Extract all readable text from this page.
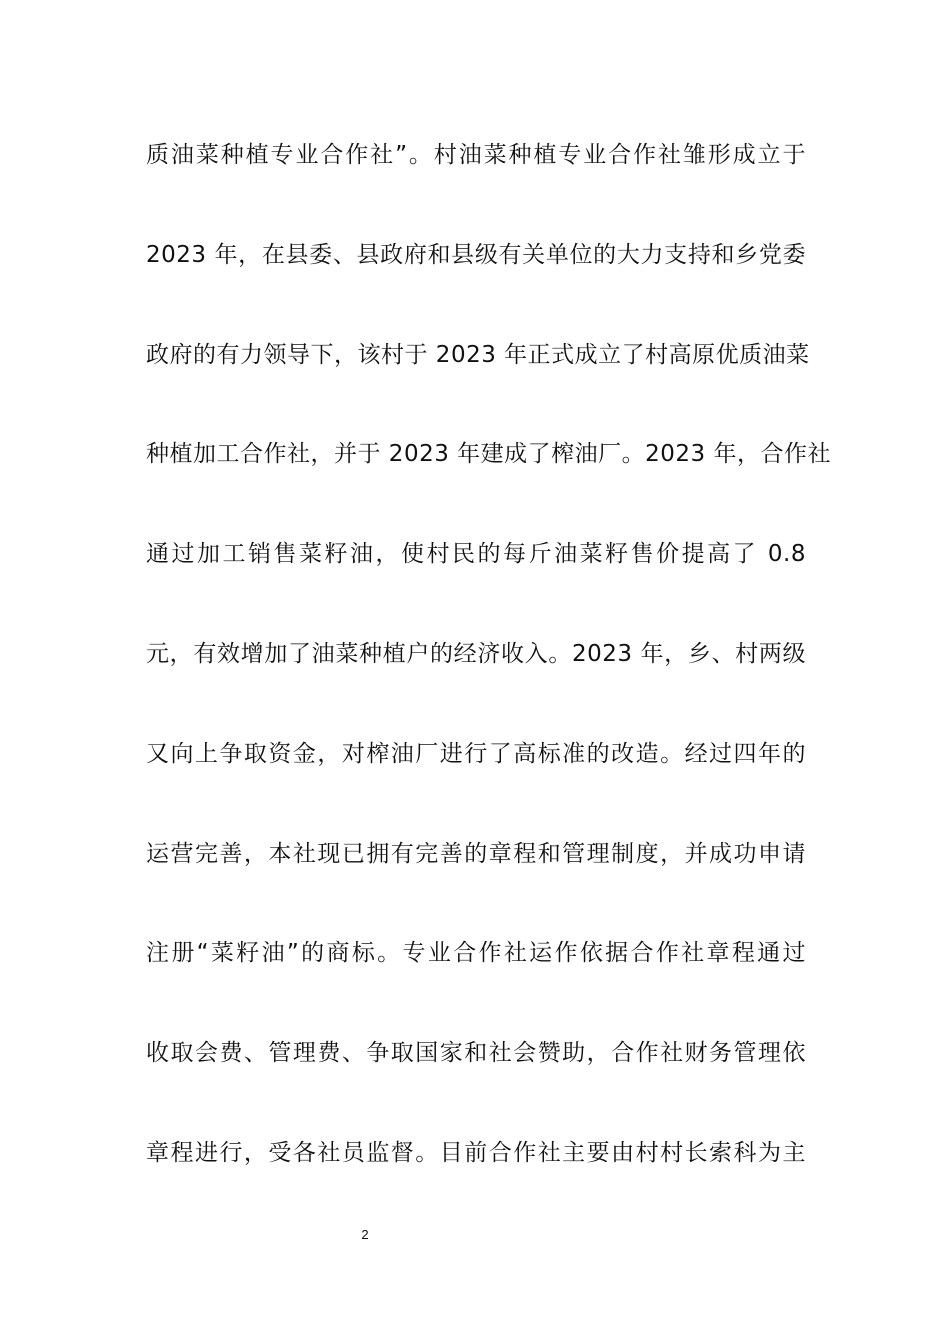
质油菜种植专业合作社”。村油菜种植专业合作社雏形成立于
2023 年，在县委、县政府和县级有关单位的大力支持和乡党委
政府的有力领导下，该村于 2023 年正式成立了村高原优质油菜
种植加工合作社，并于 2023 年建成了榨油厂。2023 年，合作社
通过加工销售菜籽油，使村民的每斤油菜籽售价提高了 0.8
元，有效增加了油菜种植户的经济收入。2023 年，乡、村两级
又向上争取资金，对榨油厂进行了高标准的改造。经过四年的
运营完善，本社现已拥有完善的章程和管理制度，并成功申请
注册“菜籽油”的商标。专业合作社运作依据合作社章程通过
收取会费、管理费、争取国家和社会赞助，合作社财务管理依
章程进行，受各社员监督。目前合作社主要由村村长索科为主
2
